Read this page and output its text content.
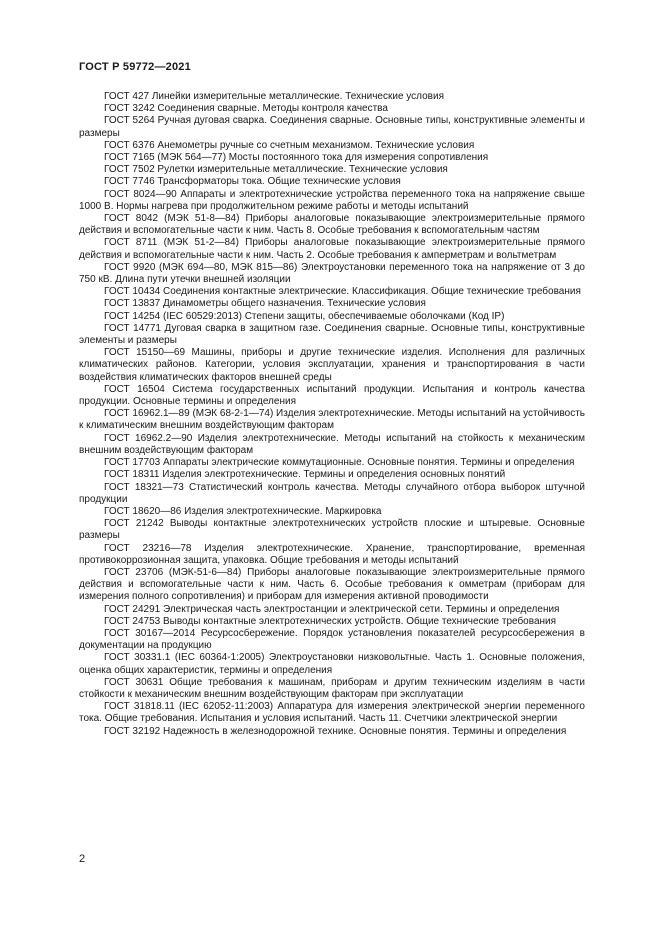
ГОСТ Р 59772—2021
ГОСТ 427 Линейки измерительные металлические. Технические условия
ГОСТ 3242 Соединения сварные. Методы контроля качества
ГОСТ 5264 Ручная дуговая сварка. Соединения сварные. Основные типы, конструктивные элементы и размеры
ГОСТ 6376 Анемометры ручные со счетным механизмом. Технические условия
ГОСТ 7165 (МЭК 564—77) Мосты постоянного тока для измерения сопротивления
ГОСТ 7502 Рулетки измерительные металлические. Технические условия
ГОСТ 7746 Трансформаторы тока. Общие технические условия
ГОСТ 8024—90 Аппараты и электротехнические устройства переменного тока на напряжение свыше 1000 В. Нормы нагрева при продолжительном режиме работы и методы испытаний
ГОСТ 8042 (МЭК 51-8—84) Приборы аналоговые показывающие электроизмерительные прямого действия и вспомогательные части к ним. Часть 8. Особые требования к вспомогательным частям
ГОСТ 8711 (МЭК 51-2—84) Приборы аналоговые показывающие электроизмерительные прямого действия и вспомогательные части к ним. Часть 2. Особые требования к амперметрам и вольтметрам
ГОСТ 9920 (МЭК 694—80, МЭК 815—86) Электроустановки переменного тока на напряжение от 3 до 750 кВ. Длина пути утечки внешней изоляции
ГОСТ 10434 Соединения контактные электрические. Классификация. Общие технические требования
ГОСТ 13837 Динамометры общего назначения. Технические условия
ГОСТ 14254 (IEC 60529:2013) Степени защиты, обеспечиваемые оболочками (Код IP)
ГОСТ 14771 Дуговая сварка в защитном газе. Соединения сварные. Основные типы, конструктивные элементы и размеры
ГОСТ 15150—69 Машины, приборы и другие технические изделия. Исполнения для различных климатических районов. Категории, условия эксплуатации, хранения и транспортирования в части воздействия климатических факторов внешней среды
ГОСТ 16504 Система государственных испытаний продукции. Испытания и контроль качества продукции. Основные термины и определения
ГОСТ 16962.1—89 (МЭК 68-2-1—74) Изделия электротехнические. Методы испытаний на устойчивость к климатическим внешним воздействующим факторам
ГОСТ 16962.2—90 Изделия электротехнические. Методы испытаний на стойкость к механическим внешним воздействующим факторам
ГОСТ 17703 Аппараты электрические коммутационные. Основные понятия. Термины и определения
ГОСТ 18311 Изделия электротехнические. Термины и определения основных понятий
ГОСТ 18321—73 Статистический контроль качества. Методы случайного отбора выборок штучной продукции
ГОСТ 18620—86 Изделия электротехнические. Маркировка
ГОСТ 21242 Выводы контактные электротехнических устройств плоские и штыревые. Основные размеры
ГОСТ 23216—78 Изделия электротехнические. Хранение, транспортирование, временная противокоррозионная защита, упаковка. Общие требования и методы испытаний
ГОСТ 23706 (МЭК-51-6—84) Приборы аналоговые показывающие электроизмерительные прямого действия и вспомогательные части к ним. Часть 6. Особые требования к омметрам (приборам для измерения полного сопротивления) и приборам для измерения активной проводимости
ГОСТ 24291 Электрическая часть электростанции и электрической сети. Термины и определения
ГОСТ 24753 Выводы контактные электротехнических устройств. Общие технические требования
ГОСТ 30167—2014 Ресурсосбережение. Порядок установления показателей ресурсосбережения в документации на продукцию
ГОСТ 30331.1 (IEC 60364-1:2005) Электроустановки низковольтные. Часть 1. Основные положения, оценка общих характеристик, термины и определения
ГОСТ 30631 Общие требования к машинам, приборам и другим техническим изделиям в части стойкости к механическим внешним воздействующим факторам при эксплуатации
ГОСТ 31818.11 (IEC 62052-11:2003) Аппаратура для измерения электрической энергии переменного тока. Общие требования. Испытания и условия испытаний. Часть 11. Счетчики электрической энергии
ГОСТ 32192 Надежность в железнодорожной технике. Основные понятия. Термины и определения
2
